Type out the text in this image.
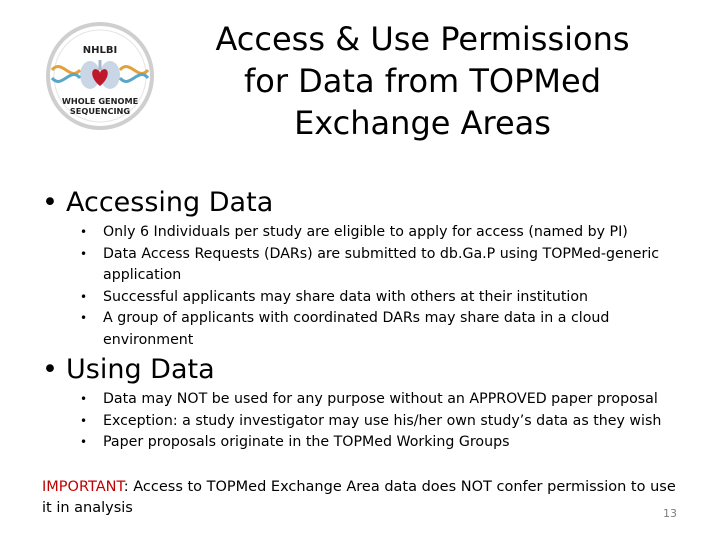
NHLBI
WHOLE GENOME
SEQUENCING
Access & Use Permissions
for Data from TOPMed
Exchange Areas

• Accessing Data

• Only 6 Individuals per study are eligible to apply for access (named by PI)
• Data Access Requests (DARs) are submitted to db.Ga.P using TOPMed-generic application
• Successful applicants may share data with others at their institution
• A group of applicants with coordinated DARs may share data in a cloud environment

• Using Data

• Data may NOT be used for any purpose without an APPROVED paper proposal
• Exception: a study investigator may use his/her own study’s data as they wish
• Paper proposals originate in the TOPMed Working Groups

IMPORTANT: Access to TOPMed Exchange Area data does NOT confer permission to use it in analysis	13
